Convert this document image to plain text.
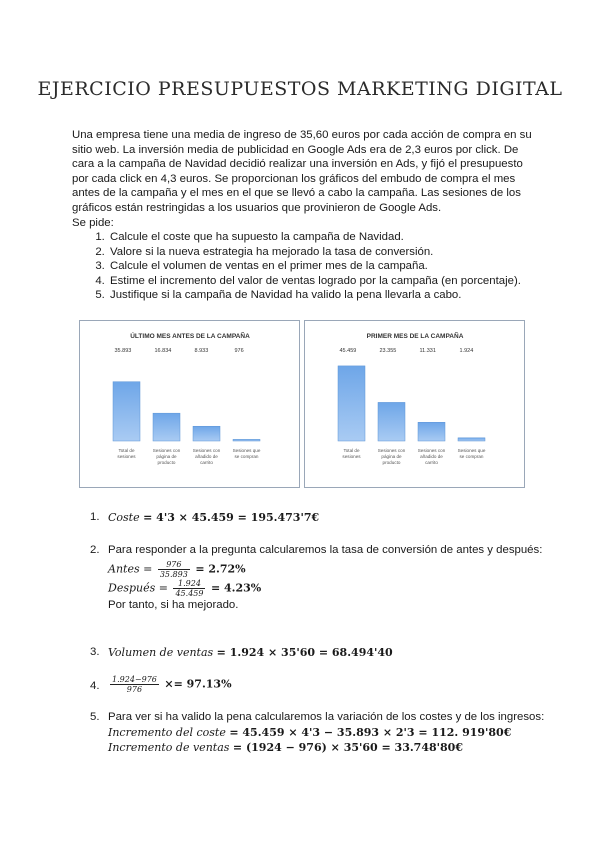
EJERCICIO PRESUPUESTOS MARKETING DIGITAL

Una empresa tiene una media de ingreso de 35,60 euros por cada acción de compra en su sitio web. La inversión media de publicidad en Google Ads era de 2,3 euros por click. De cara a la campaña de Navidad decidió realizar una inversión en Ads, y fijó el presupuesto por cada click en 4,3 euros. Se proporcionan los gráficos del embudo de compra el mes antes de la campaña y el mes en el que se llevó a cabo la campaña. Las sesiones de los gráficos están restringidas a los usuarios que provinieron de Google Ads.

Se pide:

1. Calcule el coste que ha supuesto la campaña de Navidad.
2. Valore si la nueva estrategia ha mejorado la tasa de conversión.
3. Calcule el volumen de ventas en el primer mes de la campaña.
4. Estime el incremento del valor de ventas logrado por la campaña (en porcentaje).
5. Justifique si la campaña de Navidad ha valido la pena llevarla a cabo.
ÚLTIMO MES ANTES DE LA CAMPAÑA
35.893
Total de sesiones
16.834
Sesiones con página de producto
8.933
Sesiones con añadido de carrito
976
Sesiones que se compran
PRIMER MES DE LA CAMPAÑA
45.459
Total de sesiones
23.355
Sesiones con página de producto
11.331
Sesiones con añadido de carrito
1.924
Sesiones que se compran
1. Coste = 4'3 × 45.459 = 195.473'7€
2. Para responder a la pregunta calcularemos la tasa de conversión de antes y después:
Antes = $\frac{976}{35.893} = 2.72\%$
Después = $\frac{1.924}{45.459} = 4.23\%$
Por tanto, si ha mejorado.
3. Volumen de ventas = 1.924 × 35'60 = 68.494'40
4. $\frac{1.924-976}{976} \times= 97.13\%$
5. Para ver si ha valido la pena calcularemos la variación de los costes y de los ingresos:
Incremento del coste = 45.459 × 4'3 − 35.893 × 2'3 = 112. 919'80€
Incremento de ventas = (1924 − 976) × 35'60 = 33.748'80€
